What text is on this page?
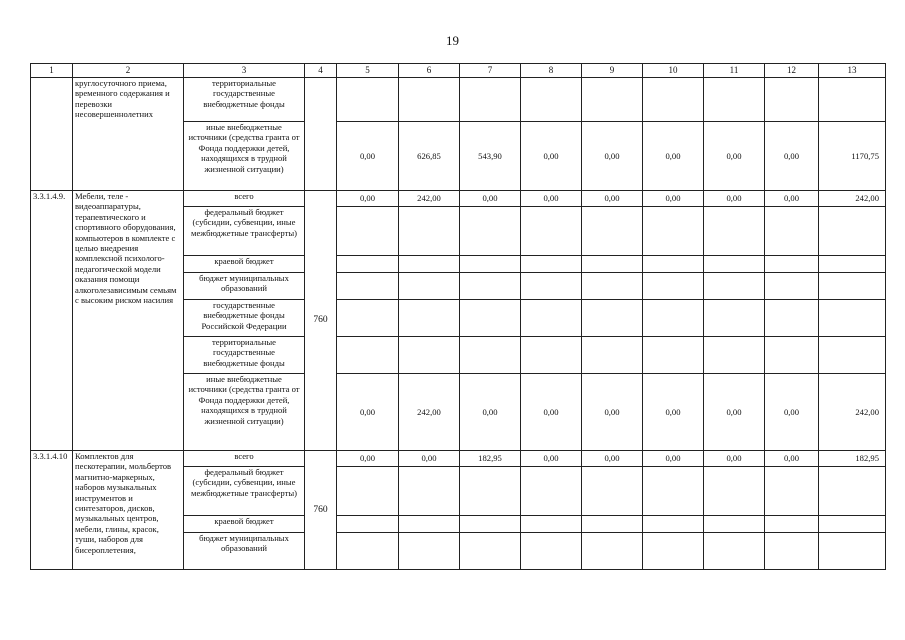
19
1	2	3	4	5	6	7	8	9	10	11	12	13
	круглосуточного приема, временного содержания и перевозки несовершеннолетних	территориальные государственные внебюджетные фонды										
		иные внебюджетные источники (средства гранта от Фонда поддержки детей, находящихся в трудной жизненной ситуации)		0,00	626,85	543,90	0,00	0,00	0,00	0,00	0,00	1170,75
3.3.1.4.9.	Мебели, теле - видеоаппаратуры, терапевтического и спортивного оборудования, компьютеров в комплекте с целью внедрения комплексной психолого-педагогической модели оказания помощи алкоголезависимым семьям с высоким риском насилия	всего	760	0,00	242,00	0,00	0,00	0,00	0,00	0,00	0,00	242,00
		федеральный бюджет (субсидии, субвенции, иные межбюджетные трансферты)										
		краевой бюджет										
		бюджет муниципальных образований										
		государственные внебюджетные фонды Российской Федерации										
		территориальные государственные внебюджетные фонды										
		иные внебюджетные источники (средства гранта от Фонда поддержки детей, находящихся в трудной жизненной ситуации)		0,00	242,00	0,00	0,00	0,00	0,00	0,00	0,00	242,00
3.3.1.4.10	Комплектов для пескотерапии, мольбертов магнитно-маркерных, наборов музыкальных инструментов и синтезаторов, дисков, музыкальных центров, мебели, глины, красок, туши, наборов для бисероплетения,	всего	760	0,00	0,00	182,95	0,00	0,00	0,00	0,00	0,00	182,95
		федеральный бюджет (субсидии, субвенции, иные межбюджетные трансферты)										
		краевой бюджет										
		бюджет муниципальных образований										
